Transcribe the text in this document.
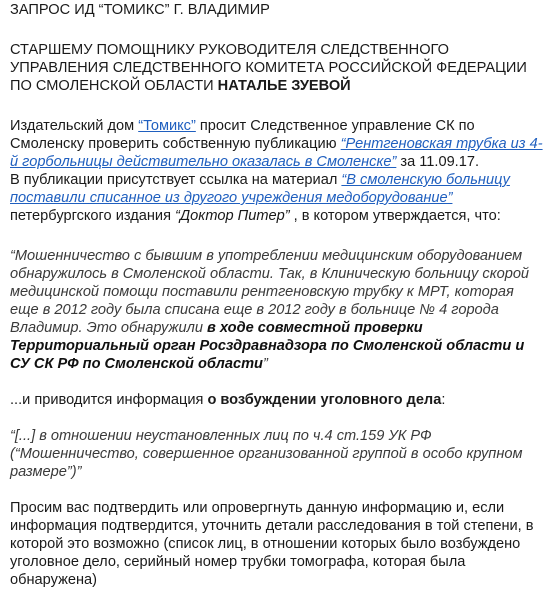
ЗАПРОС ИД “ТОМИКС” Г. ВЛАДИМИР

СТАРШЕМУ ПОМОЩНИКУ РУКОВОДИТЕЛЯ СЛЕДСТВЕННОГО УПРАВЛЕНИЯ СЛЕДСТВЕННОГО КОМИТЕТА РОССИЙСКОЙ ФЕДЕРАЦИИ ПО СМОЛЕНСКОЙ ОБЛАСТИ НАТАЛЬЕ ЗУЕВОЙ

Издательский дом “Томикс” просит Следственное управление СК по Смоленску проверить собственную публикацию “Рентгеновская трубка из 4-й горбольницы действительно оказалась в Смоленске” за 11.09.17.

В публикации присутствует ссылка на материал “В смоленскую больницу поставили списанное из другого учреждения медоборудование” петербургского издания “Доктор Питер” , в котором утверждается, что:

“Мошенничество с бывшим в употреблении медицинским оборудованием обнаружилось в Смоленской области. Так, в Клиническую больницу скорой медицинской помощи поставили рентгеновскую трубку к МРТ, которая еще в 2012 году была списана еще в 2012 году в больнице № 4 города Владимир. Это обнаружили в ходе совместной проверки Территориальный орган Росздравнадзора по Смоленской области и СУ СК РФ по Смоленской области”

...и приводится информация о возбуждении уголовного дела:

“[...] в отношении неустановленных лиц по ч.4 ст.159 УК РФ (“Мошенничество, совершенное организованной группой в особо крупном размере”)”

Просим вас подтвердить или опровергнуть данную информацию и, если информация подтвердится, уточнить детали расследования в той степени, в которой это возможно (список лиц, в отношении которых было возбуждено уголовное дело, серийный номер трубки томографа, которая была обнаружена)
